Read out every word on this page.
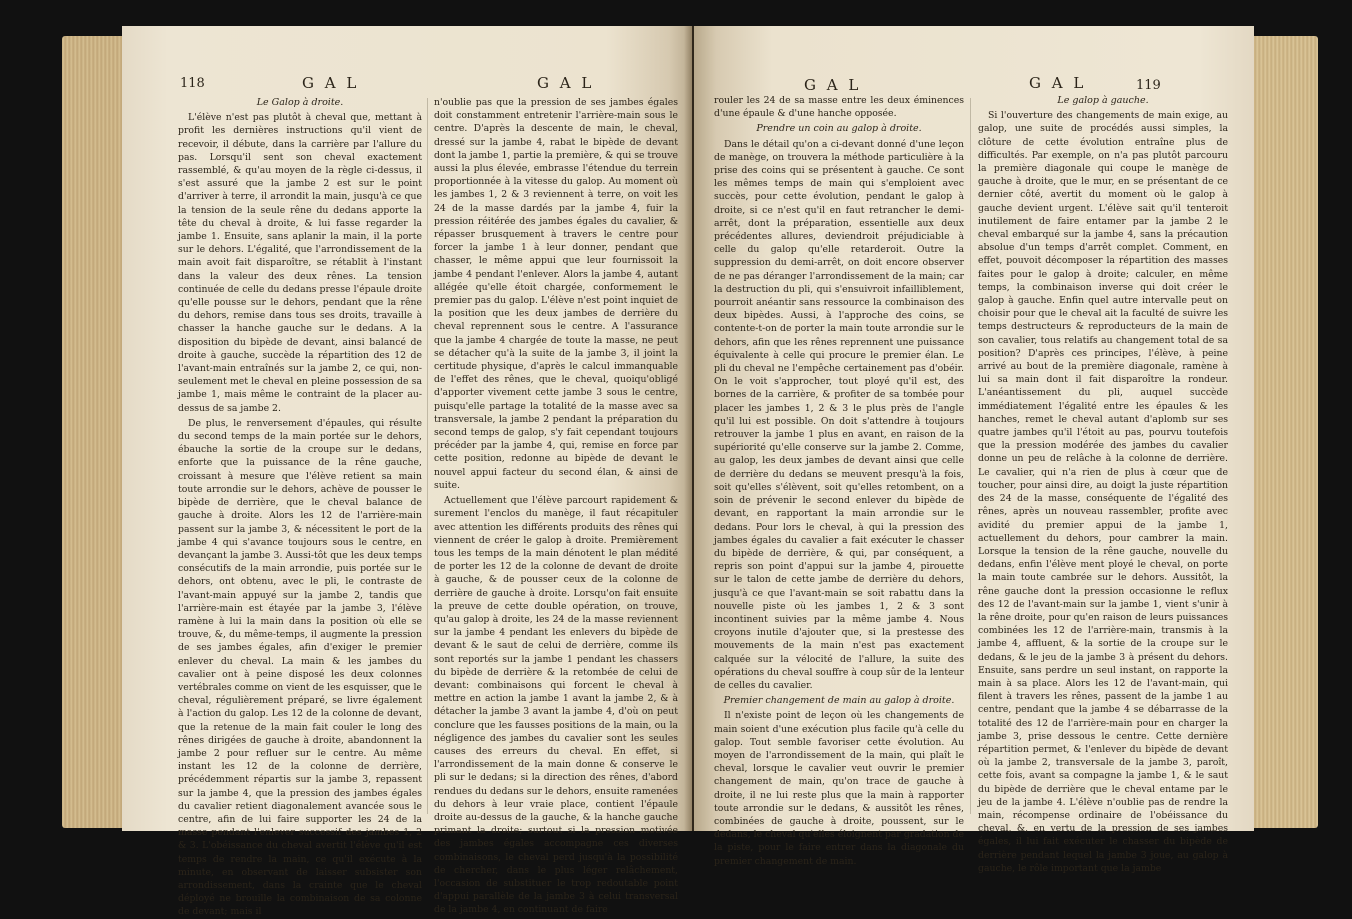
118	G A L	G A L

Le Galop à droite.

L'élève n'est pas plutôt à cheval que, mettant à profit les dernières instructions qu'il vient de recevoir, il débute, dans la carrière par l'allure du pas. Lorsqu'il sent son cheval exactement rassemblé, & qu'au moyen de la règle ci-dessus, il s'est assuré que la jambe 2 est sur le point d'arriver à terre, il arrondit la main, jusqu'à ce que la tension de la seule rêne du dedans apporte la tête du cheval à droite, & lui fasse regarder la jambe 1. Ensuite, sans aplanir la main, il la porte sur le dehors. L'égalité, que l'arrondissement de la main avoit fait disparoître, se rétablit à l'instant dans la valeur des deux rênes. La tension continuée de celle du dedans presse l'épaule droite qu'elle pousse sur le dehors, pendant que la rêne du dehors, remise dans tous ses droits, travaille à chasser la hanche gauche sur le dedans. A la disposition du bipède de devant, ainsi balancé de droite à gauche, succède la répartition des 12 de l'avant-main entraînés sur la jambe 2, ce qui, non-seulement met le cheval en pleine possession de sa jambe 1, mais même le contraint de la placer au-dessus de sa jambe 2.

De plus, le renversement d'épaules, qui résulte du second temps de la main portée sur le dehors, ébauche la sortie de la croupe sur le dedans, enforte que la puissance de la rêne gauche, croissant à mesure que l'élève retient sa main toute arrondie sur le dehors, achève de pousser le bipède de derrière, que le cheval balance de gauche à droite. Alors les 12 de l'arrière-main passent sur la jambe 3, & nécessitent le port de la jambe 4 qui s'avance toujours sous le centre, en devançant la jambe 3. Aussi-tôt que les deux temps consécutifs de la main arrondie, puis portée sur le dehors, ont obtenu, avec le pli, le contraste de l'avant-main appuyé sur la jambe 2, tandis que l'arrière-main est étayée par la jambe 3, l'élève ramène à lui la main dans la position où elle se trouve, &, du même-temps, il augmente la pression de ses jambes égales, afin d'exiger le premier enlever du cheval. La main & les jambes du cavalier ont à peine disposé les deux colonnes vertébrales comme on vient de les esquisser, que le cheval, régulièrement préparé, se livre également à l'action du galop. Les 12 de la colonne de devant, que la retenue de la main fait couler le long des rênes dirigées de gauche à droite, abandonnent la jambe 2 pour refluer sur le centre. Au même instant les 12 de la colonne de derrière, précédemment répartis sur la jambe 3, repassent sur la jambe 4, que la pression des jambes égales du cavalier retient diagonalement avancée sous le centre, afin de lui faire supporter les 24 de la masse pendant l'enlever successif des jambes 1, 2 & 3. L'obéissance du cheval avertit l'élève qu'il est temps de rendre la main, ce qu'il exécute à la minute, en observant de laisser subsister son arrondissement, dans la crainte que le cheval déployé ne brouille la combinaison de sa colonne de devant; mais il

n'oublie pas que la pression de ses jambes égales doit constamment entretenir l'arrière-main sous le centre. D'après la descente de main, le cheval, dressé sur la jambe 4, rabat le bipède de devant dont la jambe 1, partie la première, & qui se trouve aussi la plus élevée, embrasse l'étendue du terrein proportionnée à la vitesse du galop. Au moment où les jambes 1, 2 & 3 reviennent à terre, on voit les 24 de la masse dardés par la jambe 4, fuir la pression réitérée des jambes égales du cavalier, & répasser brusquement à travers le centre pour forcer la jambe 1 à leur donner, pendant que chasser, le même appui que leur fournissoit la jambe 4 pendant l'enlever. Alors la jambe 4, autant allégée qu'elle étoit chargée, conformement le premier pas du galop. L'élève n'est point inquiet de la position que les deux jambes de derrière du cheval reprennent sous le centre. A l'assurance que la jambe 4 chargée de toute la masse, ne peut se détacher qu'à la suite de la jambe 3, il joint la certitude physique, d'après le calcul immanquable de l'effet des rênes, que le cheval, quoiqu'obligé d'apporter vivement cette jambe 3 sous le centre, puisqu'elle partage la totalité de la masse avec sa transversale, la jambe 2 pendant la préparation du second temps de galop, s'y fait cependant toujours précéder par la jambe 4, qui, remise en force par cette position, redonne au bipède de devant le nouvel appui facteur du second élan, & ainsi de suite.

Actuellement que l'élève parcourt rapidement & surement l'enclos du manège, il faut récapituler avec attention les différents produits des rênes qui viennent de créer le galop à droite. Premièrement tous les temps de la main dénotent le plan médité de porter les 12 de la colonne de devant de droite à gauche, & de pousser ceux de la colonne de derrière de gauche à droite. Lorsqu'on fait ensuite la preuve de cette double opération, on trouve, qu'au galop à droite, les 24 de la masse reviennent sur la jambe 4 pendant les enlevers du bipède de devant & le saut de celui de derrière, comme ils sont reportés sur la jambe 1 pendant les chassers du bipède de derrière & la retombée de celui de devant: combinaisons qui forcent le cheval à mettre en action la jambe 1 avant la jambe 2, & à détacher la jambe 3 avant la jambe 4, d'où on peut conclure que les fausses positions de la main, ou la négligence des jambes du cavalier sont les seules causes des erreurs du cheval. En effet, si l'arrondissement de la main donne & conserve le pli sur le dedans; si la direction des rênes, d'abord rendues du dedans sur le dehors, ensuite ramenées du dehors à leur vraie place, contient l'épaule droite au-dessus de la gauche, & la hanche gauche primant la droite; surtout si la pression motivée des jambes égales accompagne ces diverses combinaisons, le cheval perd jusqu'à la possibilité de chercher, dans le plus léger relâchement, l'occasion de substituer le trop redoutable point d'appui parallèle de la jambe 3 à celui transversal de la jambe 4, en continuant de faire

G A L	G A L	119

rouler les 24 de sa masse entre les deux éminences d'une épaule & d'une hanche opposée.

Prendre un coin au galop à droite.

Dans le détail qu'on a ci-devant donné d'une leçon de manège, on trouvera la méthode particulière à la prise des coins qui se présentent à gauche. Ce sont les mêmes temps de main qui s'emploient avec succès, pour cette évolution, pendant le galop à droite, si ce n'est qu'il en faut retrancher le demi-arrêt, dont la préparation, essentielle aux deux précédentes allures, deviendroit préjudiciable à celle du galop qu'elle retarderoit. Outre la suppression du demi-arrêt, on doit encore observer de ne pas déranger l'arrondissement de la main; car la destruction du pli, qui s'ensuivroit infailliblement, pourroit anéantir sans ressource la combinaison des deux bipèdes. Aussi, à l'approche des coins, se contente-t-on de porter la main toute arrondie sur le dehors, afin que les rênes reprennent une puissance équivalente à celle qui procure le premier élan. Le pli du cheval ne l'empêche certainement pas d'obéir. On le voit s'approcher, tout ployé qu'il est, des bornes de la carrière, & profiter de sa tombée pour placer les jambes 1, 2 & 3 le plus près de l'angle qu'il lui est possible. On doit s'attendre à toujours retrouver la jambe 1 plus en avant, en raison de la supériorité qu'elle conserve sur la jambe 2. Comme, au galop, les deux jambes de devant ainsi que celle de derrière du dedans se meuvent presqu'à la fois, soit qu'elles s'élèvent, soit qu'elles retombent, on a soin de prévenir le second enlever du bipède de devant, en rapportant la main arrondie sur le dedans. Pour lors le cheval, à qui la pression des jambes égales du cavalier a fait exécuter le chasser du bipède de derrière, & qui, par conséquent, a repris son point d'appui sur la jambe 4, pirouette sur le talon de cette jambe de derrière du dehors, jusqu'à ce que l'avant-main se soit rabattu dans la nouvelle piste où les jambes 1, 2 & 3 sont incontinent suivies par la même jambe 4. Nous croyons inutile d'ajouter que, si la prestesse des mouvements de la main n'est pas exactement calquée sur la vélocité de l'allure, la suite des opérations du cheval souffre à coup sûr de la lenteur de celles du cavalier.

Premier changement de main au galop à droite.

Il n'existe point de leçon où les changements de main soient d'une exécution plus facile qu'à celle du galop. Tout semble favoriser cette évolution. Au moyen de l'arrondissement de la main, qui plaît le cheval, lorsque le cavalier veut ouvrir le premier changement de main, qu'on trace de gauche à droite, il ne lui reste plus que la main à rapporter toute arrondie sur le dedans, & aussitôt les rênes, combinées de gauche à droite, poussent, sur le dedans, le cheval qu'elles éloignent par gradation de la piste, pour le faire entrer dans la diagonale du premier changement de main.

Le galop à gauche.

Si l'ouverture des changements de main exige, au galop, une suite de procédés aussi simples, la clôture de cette évolution entraîne plus de difficultés. Par exemple, on n'a pas plutôt parcouru la première diagonale qui coupe le manège de gauche à droite, que le mur, en se présentant de ce dernier côté, avertit du moment où le galop à gauche devient urgent. L'élève sait qu'il tenteroit inutilement de faire entamer par la jambe 2 le cheval embarqué sur la jambe 4, sans la précaution absolue d'un temps d'arrêt complet. Comment, en effet, pouvoit décomposer la répartition des masses faites pour le galop à droite; calculer, en même temps, la combinaison inverse qui doit créer le galop à gauche. Enfin quel autre intervalle peut on choisir pour que le cheval ait la faculté de suivre les temps destructeurs & reproducteurs de la main de son cavalier, tous relatifs au changement total de sa position? D'après ces principes, l'élève, à peine arrivé au bout de la première diagonale, ramène à lui sa main dont il fait disparoître la rondeur. L'anéantissement du pli, auquel succède immédiatement l'égalité entre les épaules & les hanches, remet le cheval autant d'aplomb sur ses quatre jambes qu'il l'étoit au pas, pourvu toutefois que la pression modérée des jambes du cavalier donne un peu de relâche à la colonne de derrière. Le cavalier, qui n'a rien de plus à cœur que de toucher, pour ainsi dire, au doigt la juste répartition des 24 de la masse, conséquente de l'égalité des rênes, après un nouveau rassembler, profite avec avidité du premier appui de la jambe 1, actuellement du dehors, pour cambrer la main. Lorsque la tension de la rêne gauche, nouvelle du dedans, enfin l'élève ment ployé le cheval, on porte la main toute cambrée sur le dehors. Aussitôt, la rêne gauche dont la pression occasionne le reflux des 12 de l'avant-main sur la jambe 1, vient s'unir à la rêne droite, pour qu'en raison de leurs puissances combinées les 12 de l'arrière-main, transmis à la jambe 4, affluent, & la sortie de la croupe sur le dedans, & le jeu de la jambe 3 à présent du dehors. Ensuite, sans perdre un seul instant, on rapporte la main à sa place. Alors les 12 de l'avant-main, qui filent à travers les rênes, passent de la jambe 1 au centre, pendant que la jambe 4 se débarrasse de la totalité des 12 de l'arrière-main pour en charger la jambe 3, prise dessous le centre. Cette dernière répartition permet, & l'enlever du bipède de devant où la jambe 2, transversale de la jambe 3, paroît, cette fois, avant sa compagne la jambe 1, & le saut du bipède de derrière que le cheval entame par le jeu de la jambe 4. L'élève n'oublie pas de rendre la main, récompense ordinaire de l'obéissance du cheval, &, en vertu de la pression de ses jambes égales, il lui fait exécuter le chasser du bipède de derrière pendant lequel la jambe 3 joue, au galop à gauche, le rôle important que la jambe
